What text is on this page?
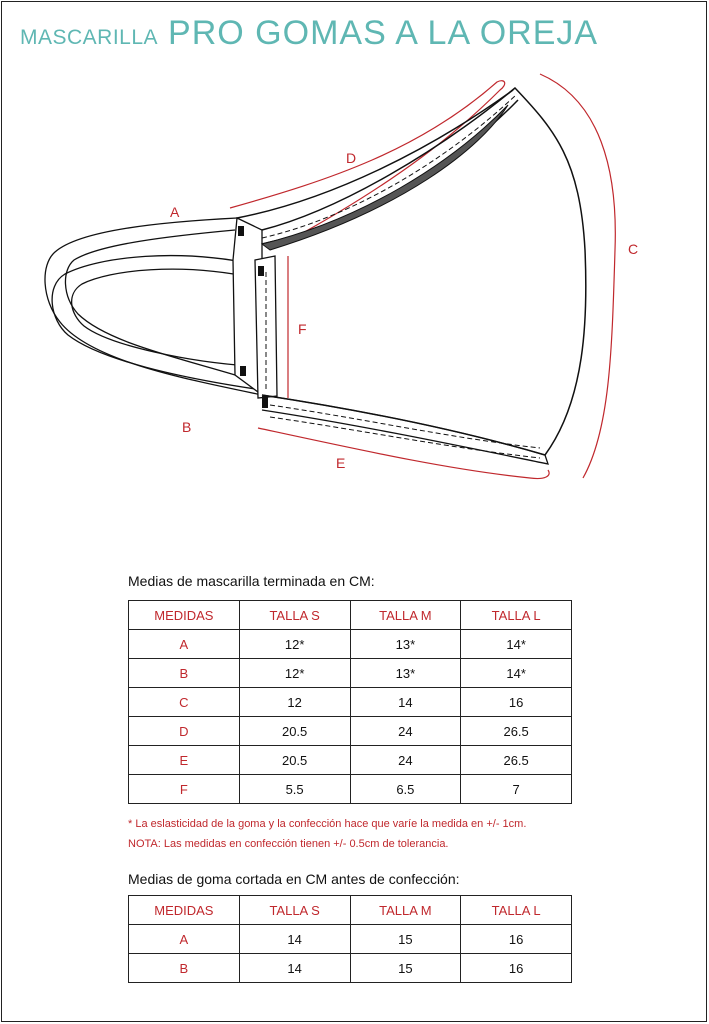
MASCARILLA PRO GOMAS A LA OREJA
A
B
C
D
E
F
Medias de mascarilla terminada en CM:
MEDIDAS	TALLA S	TALLA M	TALLA L
A	12*	13*	14*
B	12*	13*	14*
C	12	14	16
D	20.5	24	26.5
E	20.5	24	26.5
F	5.5	6.5	7
* La eslasticidad de la goma y la confección hace que varíe la medida en +/- 1cm.
NOTA: Las medidas en confección tienen +/- 0.5cm de tolerancia.
Medias de goma cortada en CM antes de confección:
MEDIDAS	TALLA S	TALLA M	TALLA L
A	14	15	16
B	14	15	16
